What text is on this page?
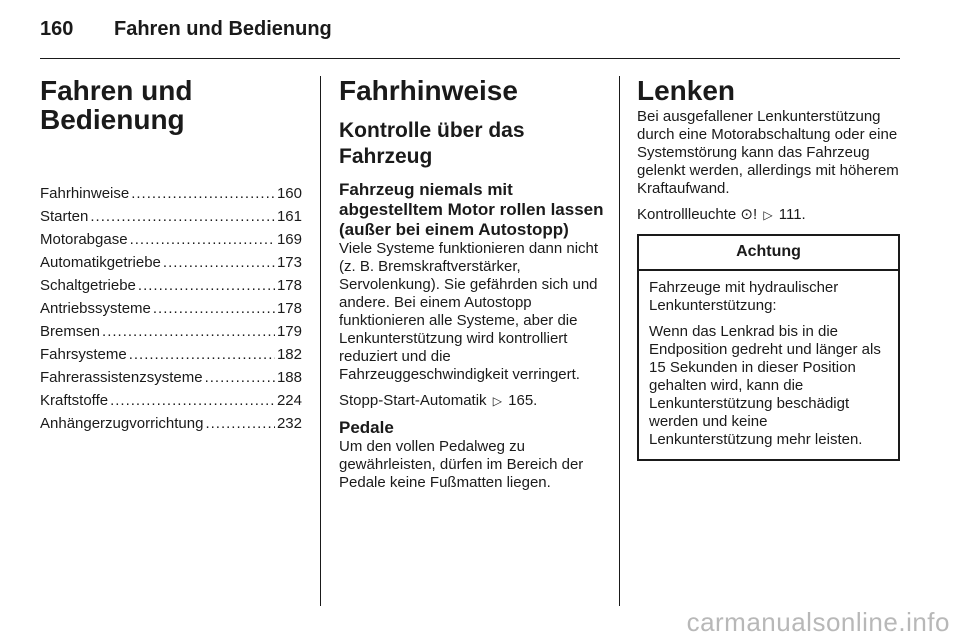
160 Fahren und Bedienung
Fahren und
Bedienung
Fahrhinweise .....	160
Starten .....	161
Motorabgase .....	169
Automatikgetriebe .....	173
Schaltgetriebe .....	178
Antriebssysteme .....	178
Bremsen .....	179
Fahrsysteme .....	182
Fahrerassistenzsysteme .....	188
Kraftstoffe .....	224
Anhängerzugvorrichtung .....	232
Fahrhinweise
Kontrolle über das Fahrzeug
Fahrzeug niemals mit abgestelltem Motor rollen lassen (außer bei einem Autostopp)

Viele Systeme funktionieren dann nicht (z. B. Bremskraftverstärker, Servolenkung). Sie gefährden sich und andere. Bei einem Autostopp funktionieren alle Systeme, aber die Lenkunterstützung wird kontrolliert reduziert und die Fahrzeuggeschwindigkeit verringert.

Stopp-Start-Automatik ▷ 165.

Pedale

Um den vollen Pedalweg zu gewährleisten, dürfen im Bereich der Pedale keine Fußmatten liegen.

Lenken

Bei ausgefallener Lenkunterstützung durch eine Motorabschaltung oder eine Systemstörung kann das Fahrzeug gelenkt werden, allerdings mit höherem Kraftaufwand.

Kontrollleuchte ⊙! ▷ 111.

Achtung

Fahrzeuge mit hydraulischer Lenkunterstützung:

Wenn das Lenkrad bis in die Endposition gedreht und länger als 15 Sekunden in dieser Position gehalten wird, kann die Lenkunterstützung beschädigt werden und keine Lenkunterstützung mehr leisten.

carmanualsonline.info
